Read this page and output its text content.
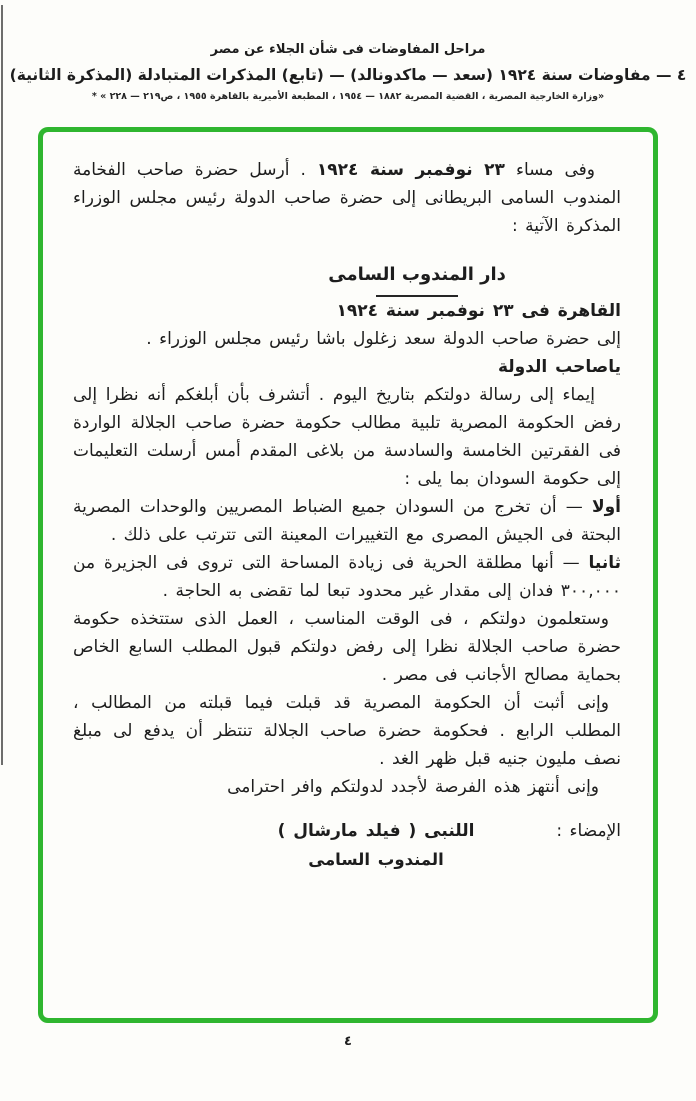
مراحل المفاوضات فى شأن الجلاء عن مصر
٤ — مفاوضات سنة ١٩٢٤ (سعد — ماكدونالد) — (تابع) المذكرات المتبادلة (المذكرة الثانية)
«وزارة الخارجية المصرية ، القضية المصرية ١٨٨٢ — ١٩٥٤ ، المطبعة الأميرية بالقاهرة ١٩٥٥ ، ص٢١٩ — ٢٢٨ » *

وفى مساء ٢٣ نوفمبر سنة ١٩٢٤ . أرسل حضرة صاحب الفخامة المندوب السامى البريطانى إلى حضرة صاحب الدولة رئيس مجلس الوزراء المذكرة الآتية :

دار المندوب السامى
القاهرة فى ٢٣ نوفمبر سنة ١٩٢٤
إلى حضرة صاحب الدولة سعد زغلول باشا رئيس مجلس الوزراء .
ياصاحب الدولة

إيماء إلى رسالة دولتكم بتاريخ اليوم . أتشرف بأن أبلغكم أنه نظرا إلى رفض الحكومة المصرية تلبية مطالب حكومة حضرة صاحب الجلالة الواردة فى الفقرتين الخامسة والسادسة من بلاغى المقدم أمس أرسلت التعليمات إلى حكومة السودان بما يلى :

أولا — أن تخرج من السودان جميع الضباط المصريين والوحدات المصرية البحتة فى الجيش المصرى مع التغييرات المعينة التى تترتب على ذلك .

ثانيا — أنها مطلقة الحرية فى زيادة المساحة التى تروى فى الجزيرة من ٣٠٠,٠٠٠ فدان إلى مقدار غير محدود تبعا لما تقضى به الحاجة .

وستعلمون دولتكم ، فى الوقت المناسب ، العمل الذى ستتخذه حكومة حضرة صاحب الجلالة نظرا إلى رفض دولتكم قبول المطلب السابع الخاص بحماية مصالح الأجانب فى مصر .

وإنى أثبت أن الحكومة المصرية قد قبلت فيما قبلته من المطالب ، المطلب الرابع . فحكومة حضرة صاحب الجلالة تنتظر أن يدفع لى مبلغ نصف مليون جنيه قبل ظهر الغد .

وإنى أنتهز هذه الفرصة لأجدد لدولتكم وافر احترامى

الإمضاء :
اللنبى ( فيلد مارشال )
المندوب السامى
٤
